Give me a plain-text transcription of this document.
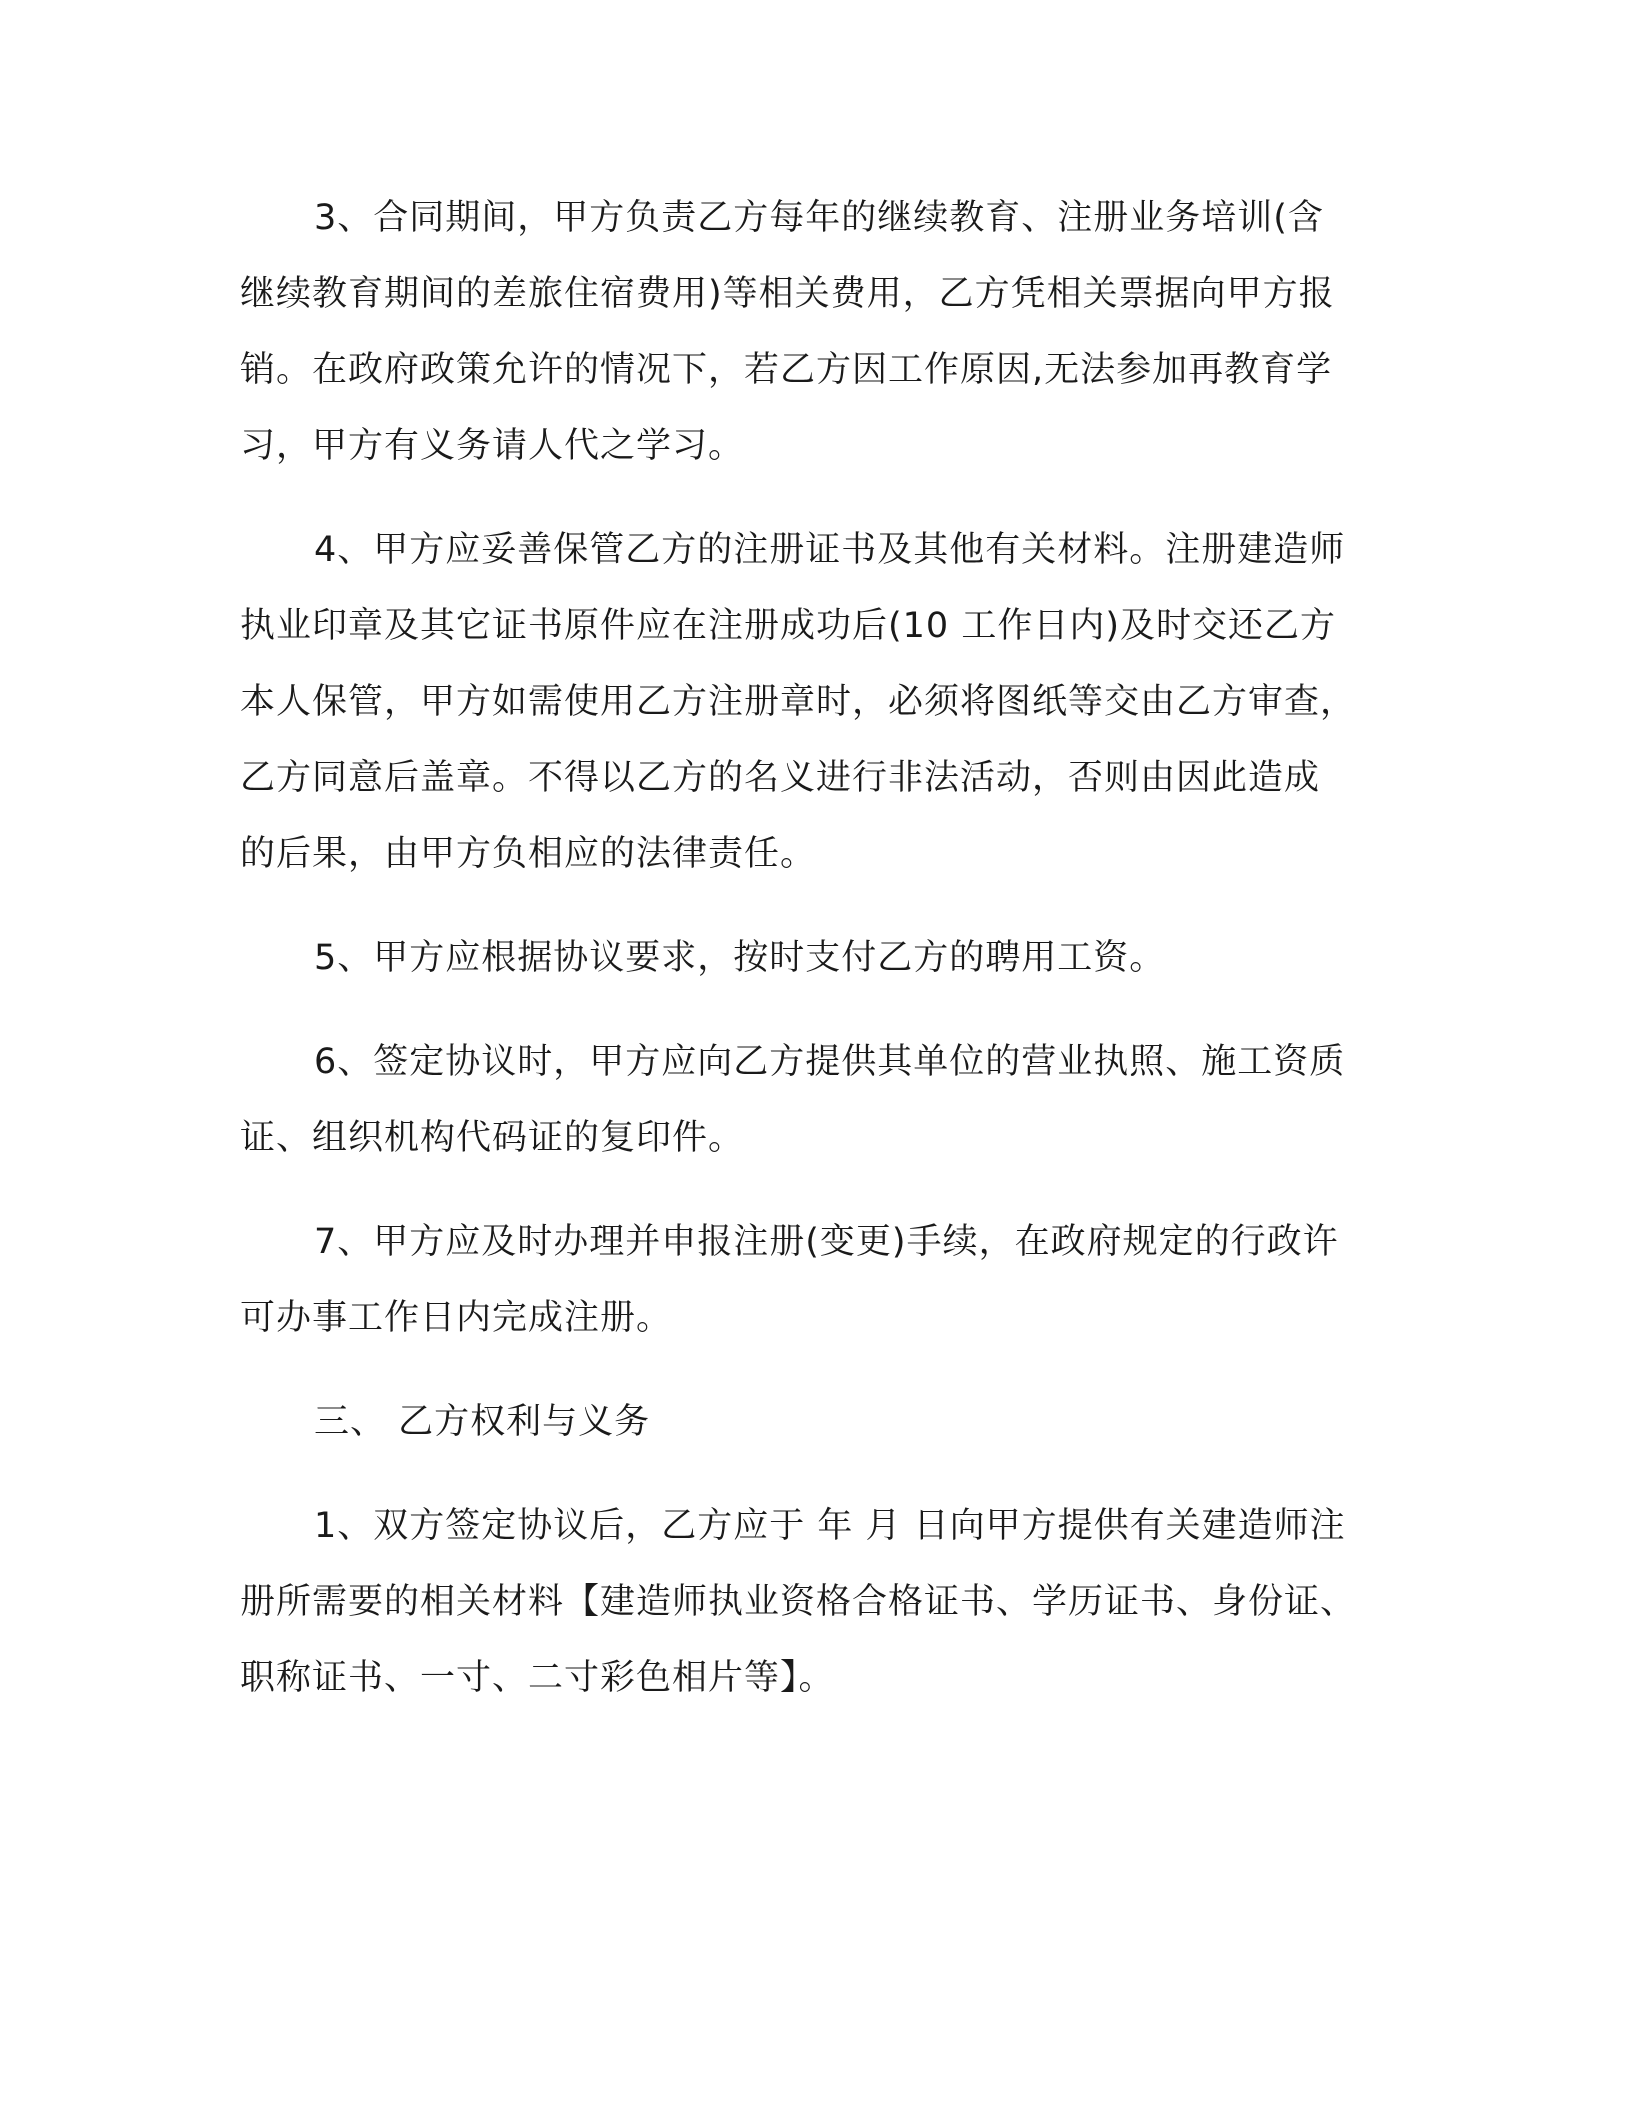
3、合同期间，甲方负责乙方每年的继续教育、注册业务培训(含
继续教育期间的差旅住宿费用)等相关费用，乙方凭相关票据向甲方报
销。在政府政策允许的情况下，若乙方因工作原因,无法参加再教育学
习，甲方有义务请人代之学习。
4、甲方应妥善保管乙方的注册证书及其他有关材料。注册建造师
执业印章及其它证书原件应在注册成功后(10 工作日内)及时交还乙方
本人保管，甲方如需使用乙方注册章时，必须将图纸等交由乙方审查，
乙方同意后盖章。不得以乙方的名义进行非法活动，否则由因此造成
的后果，由甲方负相应的法律责任。
5、甲方应根据协议要求，按时支付乙方的聘用工资。
6、签定协议时，甲方应向乙方提供其单位的营业执照、施工资质
证、组织机构代码证的复印件。
7、甲方应及时办理并申报注册(变更)手续，在政府规定的行政许
可办事工作日内完成注册。
三、 乙方权利与义务
1、双方签定协议后，乙方应于 年 月 日向甲方提供有关建造师注
册所需要的相关材料【建造师执业资格合格证书、学历证书、身份证、
职称证书、一寸、二寸彩色相片等】。
